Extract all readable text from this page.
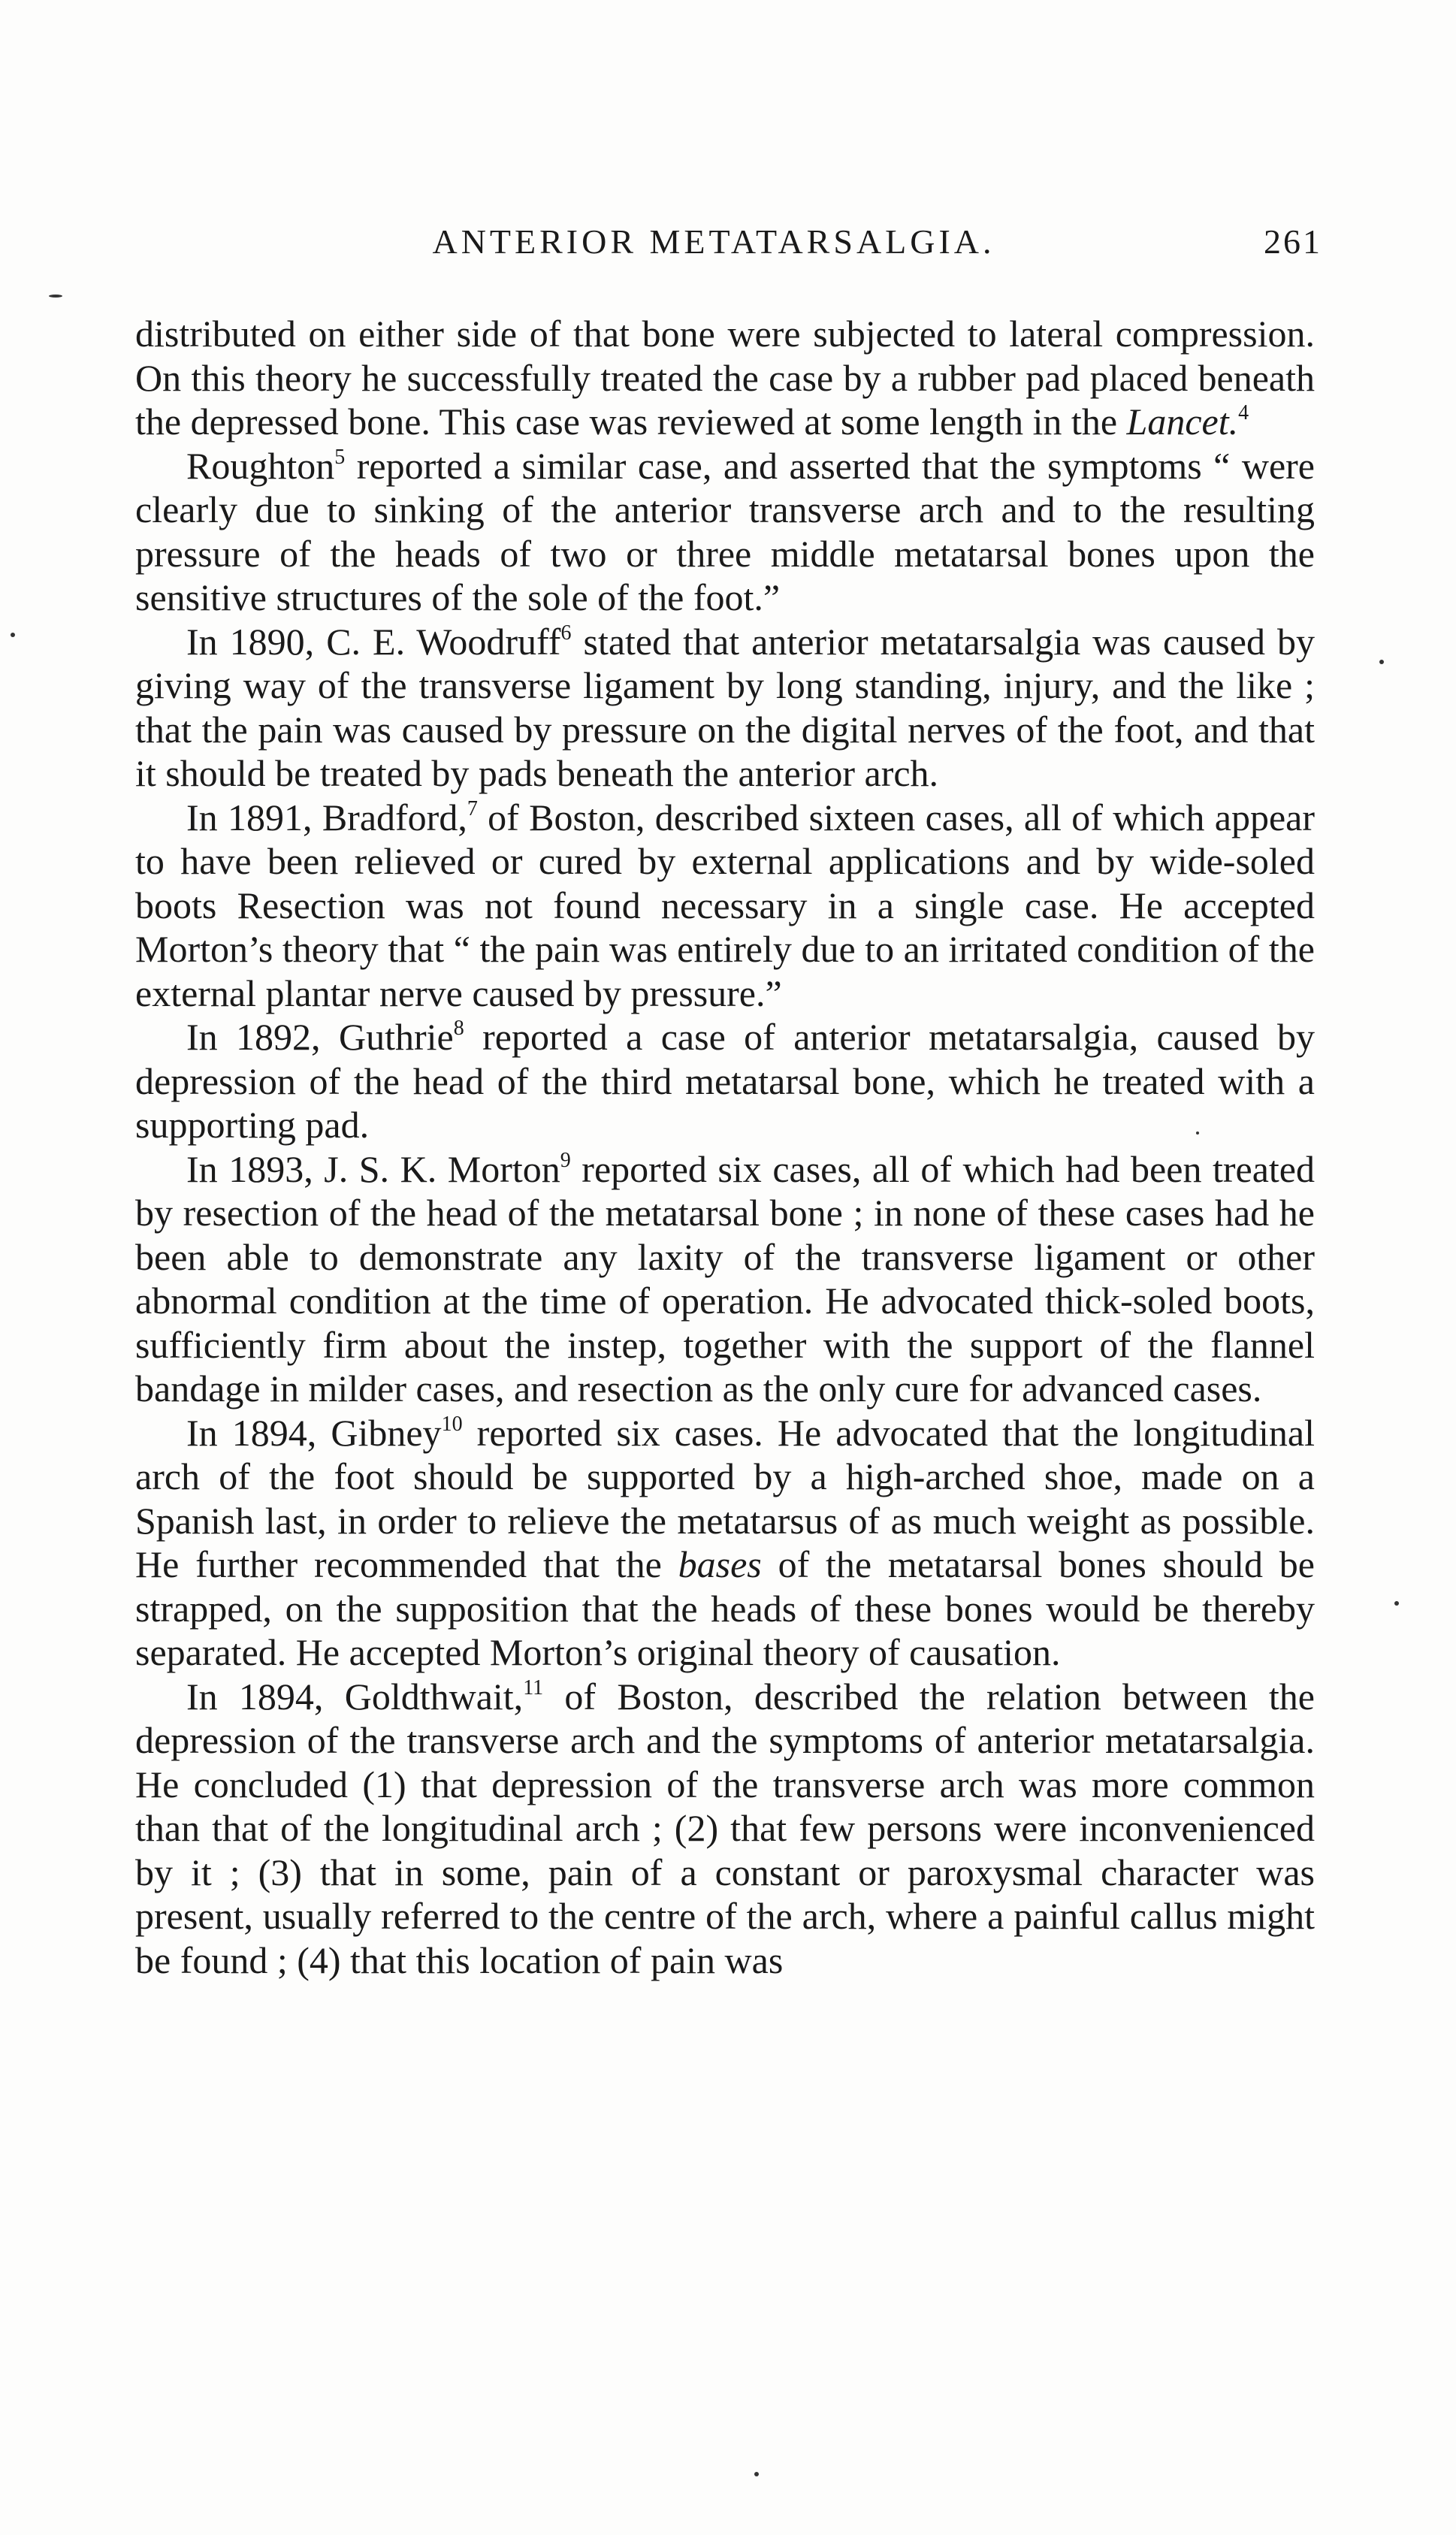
ANTERIOR METATARSALGIA.	261

distributed on either side of that bone were subjected to lateral compression. On this theory he successfully treated the case by a rubber pad placed beneath the depressed bone. This case was reviewed at some length in the Lancet.$^4$

Roughton$^5$ reported a similar case, and asserted that the symptoms “ were clearly due to sinking of the anterior transverse arch and to the resulting pressure of the heads of two or three middle metatarsal bones upon the sensitive structures of the sole of the foot.”

In 1890, C. E. Woodruff$^6$ stated that anterior metatarsalgia was caused by giving way of the transverse ligament by long standing, injury, and the like ; that the pain was caused by pressure on the digital nerves of the foot, and that it should be treated by pads beneath the anterior arch.

In 1891, Bradford,$^7$ of Boston, described sixteen cases, all of which appear to have been relieved or cured by external applications and by wide-soled boots Resection was not found necessary in a single case. He accepted Morton’s theory that “ the pain was entirely due to an irritated condition of the external plantar nerve caused by pressure.”

In 1892, Guthrie$^8$ reported a case of anterior metatarsalgia, caused by depression of the head of the third metatarsal bone, which he treated with a supporting pad.

In 1893, J. S. K. Morton$^9$ reported six cases, all of which had been treated by resection of the head of the metatarsal bone ; in none of these cases had he been able to demonstrate any laxity of the transverse ligament or other abnormal condition at the time of operation. He advocated thick-soled boots, sufficiently firm about the instep, together with the support of the flannel bandage in milder cases, and resection as the only cure for advanced cases.

In 1894, Gibney$^{10}$ reported six cases. He advocated that the longitudinal arch of the foot should be supported by a high-arched shoe, made on a Spanish last, in order to relieve the metatarsus of as much weight as possible. He further recommended that the bases of the metatarsal bones should be strapped, on the supposition that the heads of these bones would be thereby separated. He accepted Morton’s original theory of causation.

In 1894, Goldthwait,$^{11}$ of Boston, described the relation between the depression of the transverse arch and the symptoms of anterior metatarsalgia. He concluded (1) that depression of the transverse arch was more common than that of the longitudinal arch ; (2) that few persons were inconvenienced by it ; (3) that in some, pain of a constant or paroxysmal character was present, usually referred to the centre of the arch, where a painful callus might be found ; (4) that this location of pain was
